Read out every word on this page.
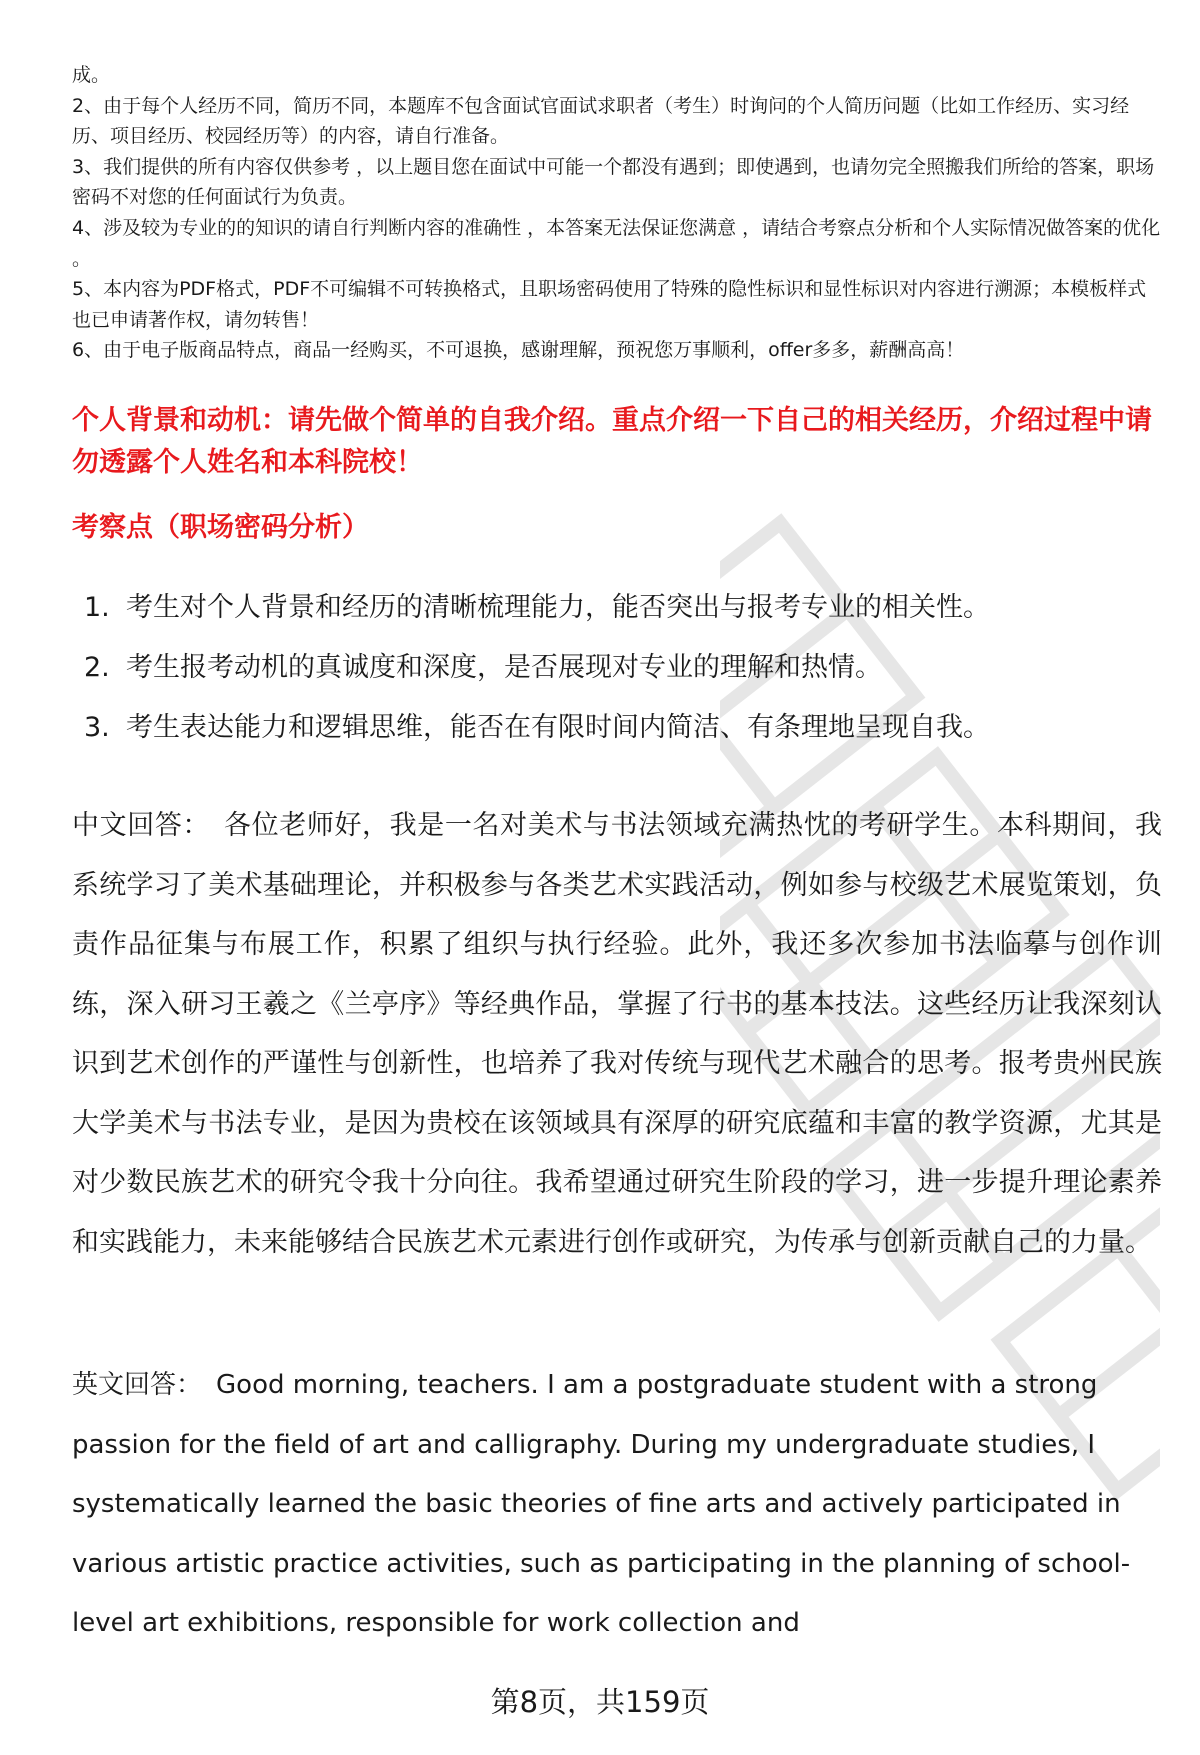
成。

2、由于每个人经历不同，简历不同，本题库不包含面试官面试求职者（考生）时询问的个人简历问题（比如工作经历、实习经历、项目经历、校园经历等）的内容，请自行准备。

3、我们提供的所有内容仅供参考 ，以上题目您在面试中可能一个都没有遇到；即使遇到，也请勿完全照搬我们所给的答案，职场密码不对您的任何面试行为负责。

4、涉及较为专业的的知识的请自行判断内容的准确性 ，本答案无法保证您满意 ，请结合考察点分析和个人实际情况做答案的优化 。

5、本内容为PDF格式，PDF不可编辑不可转换格式，且职场密码使用了特殊的隐性标识和显性标识对内容进行溯源；本模板样式也已申请著作权，请勿转售！

6、由于电子版商品特点，商品一经购买，不可退换，感谢理解，预祝您万事顺利，offer多多，薪酬高高！

个人背景和动机：请先做个简单的自我介绍。重点介绍一下自己的相关经历，介绍过程中请勿透露个人姓名和本科院校！
考察点（职场密码分析）
1. 考生对个人背景和经历的清晰梳理能力，能否突出与报考专业的相关性。
2. 考生报考动机的真诚度和深度，是否展现对专业的理解和热情。
3. 考生表达能力和逻辑思维，能否在有限时间内简洁、有条理地呈现自我。

中文回答： 各位老师好，我是一名对美术与书法领域充满热忱的考研学生。本科期间，我系统学习了美术基础理论，并积极参与各类艺术实践活动，例如参与校级艺术展览策划，负责作品征集与布展工作，积累了组织与执行经验。此外，我还多次参加书法临摹与创作训练，深入研习王羲之《兰亭序》等经典作品，掌握了行书的基本技法。这些经历让我深刻认识到艺术创作的严谨性与创新性，也培养了我对传统与现代艺术融合的思考。报考贵州民族大学美术与书法专业，是因为贵校在该领域具有深厚的研究底蕴和丰富的教学资源，尤其是对少数民族艺术的研究令我十分向往。我希望通过研究生阶段的学习，进一步提升理论素养和实践能力，未来能够结合民族艺术元素进行创作或研究，为传承与创新贡献自己的力量。

英文回答： Good morning, teachers. I am a postgraduate student with a strong passion for the field of art and calligraphy. During my undergraduate studies, I systematically learned the basic theories of fine arts and actively participated in various artistic practice activities, such as participating in the planning of school-level art exhibitions, responsible for work collection and

第8页，共159页
